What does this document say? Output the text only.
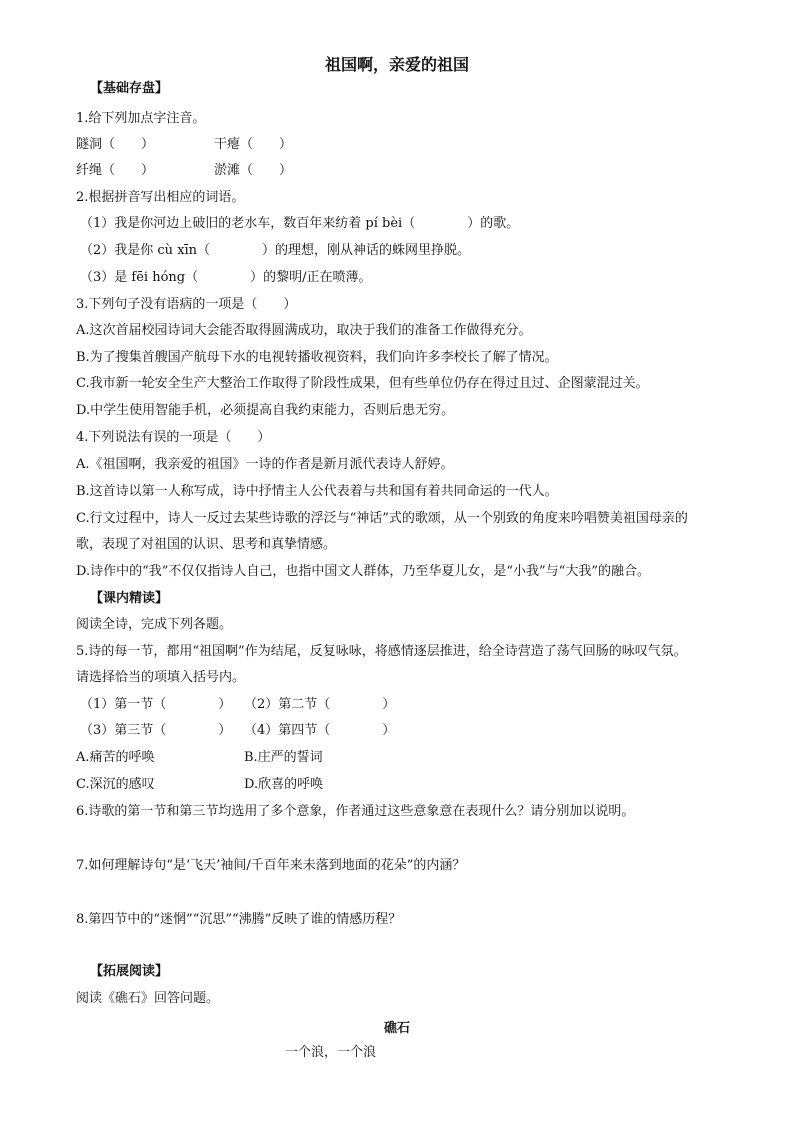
祖国啊，亲爱的祖国
【基础存盘】
1.给下列加点字注音。
隧洞（　　）	干瘪（　　）
纤绳（　　）	淤滩（　　）
2.根据拼音写出相应的词语。
（1）我是你河边上破旧的老水车，数百年来纺着 pí bèi（　　　　）的歌。
（2）我是你 cù xīn（　　　　）的理想，刚从神话的蛛网里挣脱。
（3）是 fēi hóng（　　　　）的黎明/正在喷薄。
3.下列句子没有语病的一项是（　　）
A.这次首届校园诗词大会能否取得圆满成功，取决于我们的准备工作做得充分。
B.为了搜集首艘国产航母下水的电视转播收视资料，我们向许多李校长了解了情况。
C.我市新一轮安全生产大整治工作取得了阶段性成果，但有些单位仍存在得过且过、企图蒙混过关。
D.中学生使用智能手机，必须提高自我约束能力，否则后患无穷。
4.下列说法有误的一项是（　　）
A.《祖国啊，我亲爱的祖国》一诗的作者是新月派代表诗人舒婷。
B.这首诗以第一人称写成，诗中抒情主人公代表着与共和国有着共同命运的一代人。
C.行文过程中，诗人一反过去某些诗歌的浮泛与“神话”式的歌颂，从一个别致的角度来吟唱赞美祖国母亲的
歌，表现了对祖国的认识、思考和真挚情感。
D.诗作中的“我”不仅仅指诗人自己，也指中国文人群体，乃至华夏儿女，是“小我”与“大我”的融合。
【课内精读】
阅读全诗，完成下列各题。
5.诗的每一节，都用“祖国啊”作为结尾，反复咏咏，将感情逐层推进，给全诗营造了荡气回肠的咏叹气氛。
请选择恰当的项填入括号内。
（1）第一节（　　　　） （2）第二节（　　　　）
（3）第三节（　　　　） （4）第四节（　　　　）
A.痛苦的呼唤	B.庄严的誓词
C.深沉的感叹	D.欣喜的呼唤
6.诗歌的第一节和第三节均选用了多个意象，作者通过这些意象意在表现什么？请分别加以说明。
7.如何理解诗句“是‘飞天’袖间/千百年来未落到地面的花朵”的内涵？
8.第四节中的“迷惘”“沉思”“沸腾”反映了谁的情感历程？
【拓展阅读】
阅读《礁石》回答问题。
礁石
一个浪，一个浪
